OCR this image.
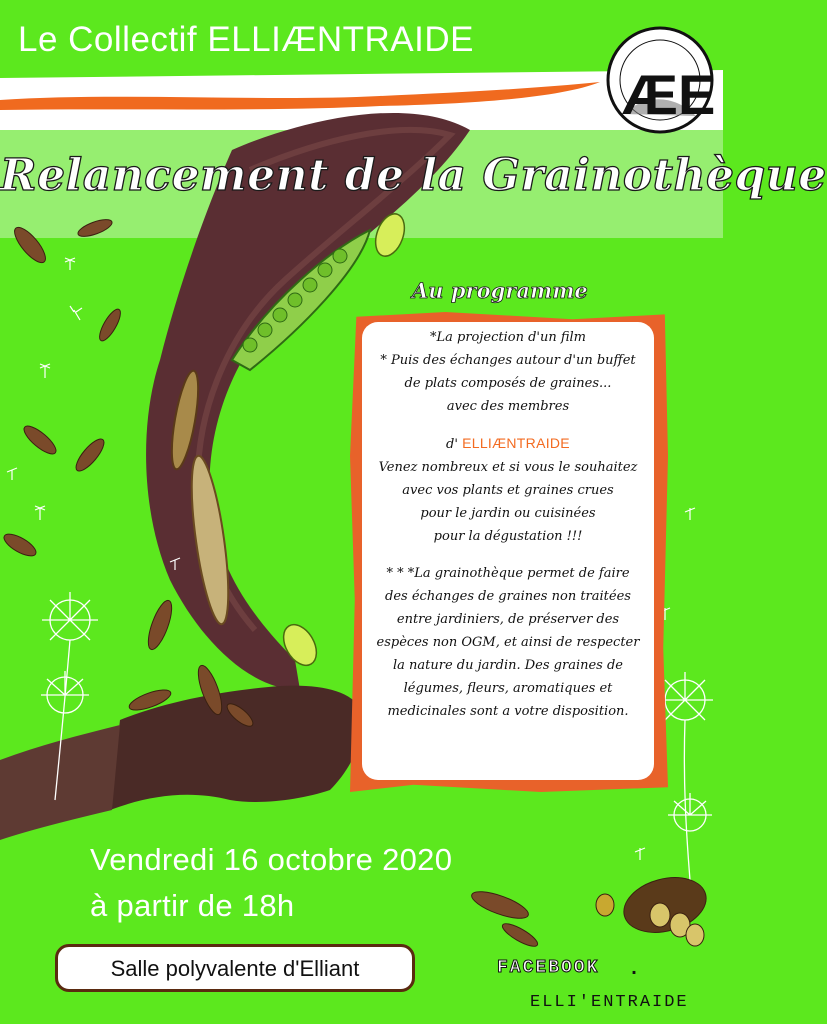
Le Collectif ELLIÆNTRAIDE
Relancement de la Grainothèque
ÆE
Au programme

*La projection d'un film

* Puis des échanges autour d'un buffet

de plats composés de graines...

avec des membres

d' ELLIÆNTRAIDE

Venez nombreux et si vous le souhaitez

avec vos plants et graines crues

pour le jardin ou cuisinées

pour la dégustation !!!

* * *La grainothèque permet de faire

des échanges de graines non traitées

entre jardiniers, de préserver des

espèces non OGM, et ainsi de respecter

la nature du jardin. Des graines de

légumes, fleurs, aromatiques et

medicinales sont a votre disposition.

Vendredi 16 octobre 2020
à partir de 18h
Salle polyvalente d'Elliant	FACEBOOK .
ELLI'ENTRAIDE
